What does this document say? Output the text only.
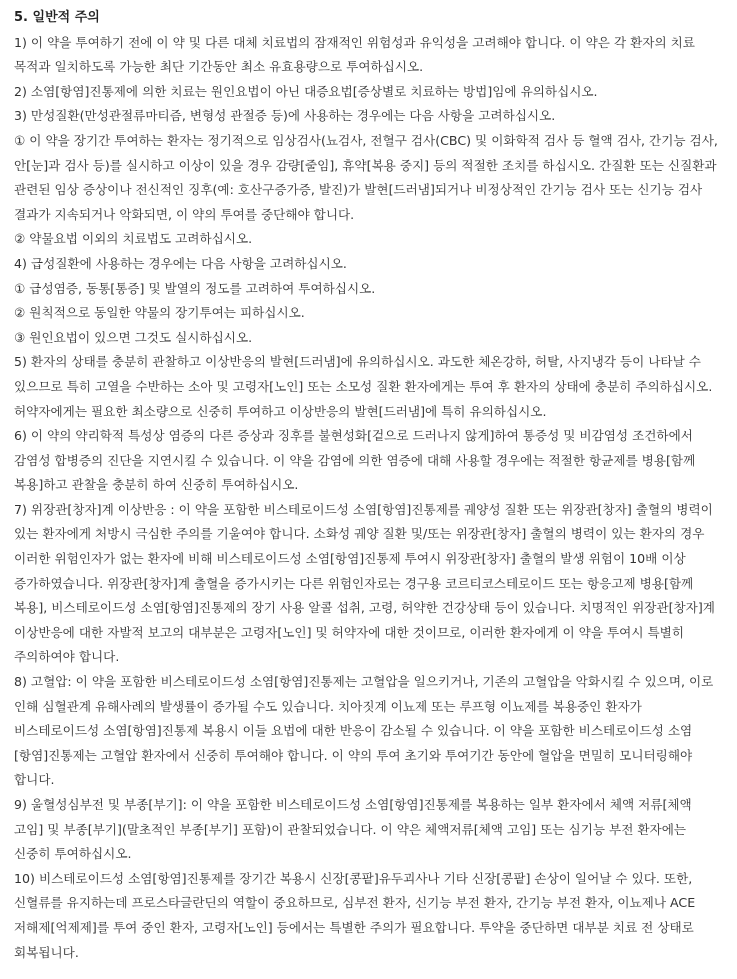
5. 일반적 주의
1) 이 약을 투여하기 전에 이 약 및 다른 대체 치료법의 잠재적인 위험성과 유익성을 고려해야 합니다. 이 약은 각 환자의 치료 목적과 일치하도록 가능한 최단 기간동안 최소 유효용량으로 투여하십시오.
2) 소염[항염]진통제에 의한 치료는 원인요법이 아닌 대증요법[증상별로 치료하는 방법]임에 유의하십시오.
3) 만성질환(만성관절류마티즘, 변형성 관절증 등)에 사용하는 경우에는 다음 사항을 고려하십시오.
① 이 약을 장기간 투여하는 환자는 정기적으로 임상검사(뇨검사, 전혈구 검사(CBC) 및 이화학적 검사 등 혈액 검사, 간기능 검사, 안[눈]과 검사 등)를 실시하고 이상이 있을 경우 감량[줄임], 휴약[복용 중지] 등의 적절한 조치를 하십시오. 간질환 또는 신질환과 관련된 임상 증상이나 전신적인 징후(예: 호산구증가증, 발진)가 발현[드러냄]되거나 비정상적인 간기능 검사 또는 신기능 검사 결과가 지속되거나 악화되면, 이 약의 투여를 중단해야 합니다.
② 약물요법 이외의 치료법도 고려하십시오.
4) 급성질환에 사용하는 경우에는 다음 사항을 고려하십시오.
① 급성염증, 동통[통증] 및 발열의 정도를 고려하여 투여하십시오.
② 원칙적으로 동일한 약물의 장기투여는 피하십시오.
③ 원인요법이 있으면 그것도 실시하십시오.
5) 환자의 상태를 충분히 관찰하고 이상반응의 발현[드러냄]에 유의하십시오. 과도한 체온강하, 허탈, 사지냉각 등이 나타날 수 있으므로 특히 고열을 수반하는 소아 및 고령자[노인] 또는 소모성 질환 환자에게는 투여 후 환자의 상태에 충분히 주의하십시오. 허약자에게는 필요한 최소량으로 신중히 투여하고 이상반응의 발현[드러냄]에 특히 유의하십시오.
6) 이 약의 약리학적 특성상 염증의 다른 증상과 징후를 불현성화[겉으로 드러나지 않게]하여 통증성 및 비감염성 조건하에서 감염성 합병증의 진단을 지연시킬 수 있습니다. 이 약을 감염에 의한 염증에 대해 사용할 경우에는 적절한 항균제를 병용[함께 복용]하고 관찰을 충분히 하여 신중히 투여하십시오.
7) 위장관[창자]계 이상반응 : 이 약을 포함한 비스테로이드성 소염[항염]진통제를 궤양성 질환 또는 위장관[창자] 출혈의 병력이 있는 환자에게 처방시 극심한 주의를 기울여야 합니다. 소화성 궤양 질환 및/또는 위장관[창자] 출혈의 병력이 있는 환자의 경우 이러한 위험인자가 없는 환자에 비해 비스테로이드성 소염[항염]진통제 투여시 위장관[창자] 출혈의 발생 위험이 10배 이상 증가하였습니다. 위장관[창자]계 출혈을 증가시키는 다른 위험인자로는 경구용 코르티코스테로이드 또는 항응고제 병용[함께 복용], 비스테로이드성 소염[항염]진통제의 장기 사용 알콜 섭취, 고령, 허약한 건강상태 등이 있습니다. 치명적인 위장관[창자]계 이상반응에 대한 자발적 보고의 대부분은 고령자[노인] 및 허약자에 대한 것이므로, 이러한 환자에게 이 약을 투여시 특별히 주의하여야 합니다.
8) 고혈압: 이 약을 포함한 비스테로이드성 소염[항염]진통제는 고혈압을 일으키거나, 기존의 고혈압을 악화시킬 수 있으며, 이로 인해 심혈관계 유해사례의 발생률이 증가될 수도 있습니다. 치아짓계 이뇨제 또는 루프형 이뇨제를 복용중인 환자가 비스테로이드성 소염[항염]진통제 복용시 이들 요법에 대한 반응이 감소될 수 있습니다. 이 약을 포함한 비스테로이드성 소염[항염]진통제는 고혈압 환자에서 신중히 투여해야 합니다. 이 약의 투여 초기와 투여기간 동안에 혈압을 면밀히 모니터링해야 합니다.
9) 울혈성심부전 및 부종[부기]: 이 약을 포함한 비스테로이드성 소염[항염]진통제를 복용하는 일부 환자에서 체액 저류[체액 고임] 및 부종[부기](말초적인 부종[부기] 포함)이 관찰되었습니다. 이 약은 체액저류[체액 고임] 또는 심기능 부전 환자에는 신중히 투여하십시오.
10) 비스테로이드성 소염[항염]진통제를 장기간 복용시 신장[콩팥]유두괴사나 기타 신장[콩팥] 손상이 일어날 수 있다. 또한, 신혈류를 유지하는데 프로스타글란딘의 역할이 중요하므로, 심부전 환자, 신기능 부전 환자, 간기능 부전 환자, 이뇨제나 ACE 저해제[억제제]를 투여 중인 환자, 고령자[노인] 등에서는 특별한 주의가 필요합니다. 투약을 중단하면 대부분 치료 전 상태로 회복됩니다.
